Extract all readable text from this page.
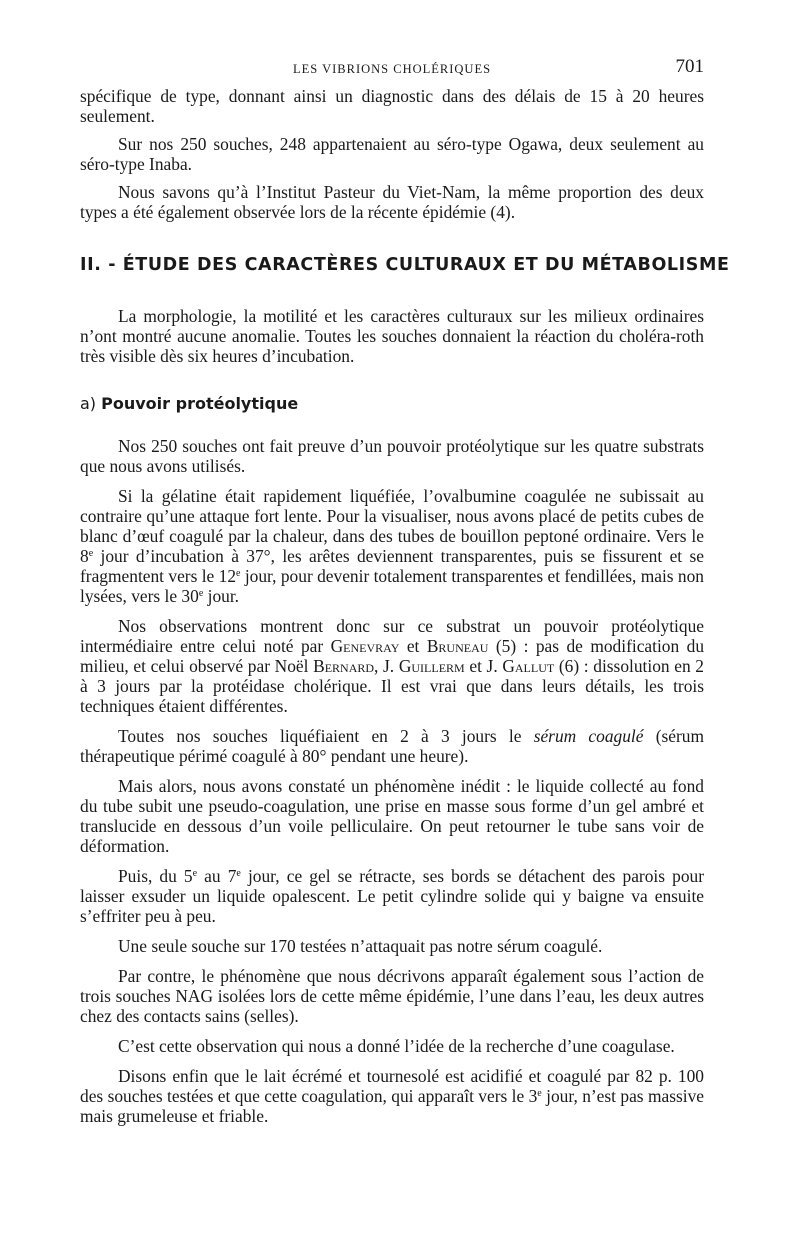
LES VIBRIONS CHOLÉRIQUES	701

spécifique de type, donnant ainsi un diagnostic dans des délais de 15 à 20 heures seulement.

Sur nos 250 souches, 248 appartenaient au séro-type Ogawa, deux seulement au séro-type Inaba.

Nous savons qu’à l’Institut Pasteur du Viet-Nam, la même proportion des deux types a été également observée lors de la récente épidémie (4).

II. - ÉTUDE DES CARACTÈRES CULTURAUX ET DU MÉTABOLISME

La morphologie, la motilité et les caractères culturaux sur les milieux ordinaires n’ont montré aucune anomalie. Toutes les souches donnaient la réaction du choléra-roth très visible dès six heures d’incubation.

a) Pouvoir protéolytique

Nos 250 souches ont fait preuve d’un pouvoir protéolytique sur les quatre substrats que nous avons utilisés.

Si la gélatine était rapidement liquéfiée, l’ovalbumine coagulée ne subissait au contraire qu’une attaque fort lente. Pour la visualiser, nous avons placé de petits cubes de blanc d’œuf coagulé par la chaleur, dans des tubes de bouillon peptoné ordinaire. Vers le 8e jour d’incubation à 37°, les arêtes deviennent transparentes, puis se fissurent et se fragmentent vers le 12e jour, pour devenir totalement transparentes et fendillées, mais non lysées, vers le 30e jour.

Nos observations montrent donc sur ce substrat un pouvoir protéolytique intermédiaire entre celui noté par Genevray et Bruneau (5) : pas de modification du milieu, et celui observé par Noël Bernard, J. Guillerm et J. Gallut (6) : dissolution en 2 à 3 jours par la protéidase cholérique. Il est vrai que dans leurs détails, les trois techniques étaient différentes.

Toutes nos souches liquéfiaient en 2 à 3 jours le sérum coagulé (sérum thérapeutique périmé coagulé à 80° pendant une heure).

Mais alors, nous avons constaté un phénomène inédit : le liquide collecté au fond du tube subit une pseudo-coagulation, une prise en masse sous forme d’un gel ambré et translucide en dessous d’un voile pelliculaire. On peut retourner le tube sans voir de déformation.

Puis, du 5e au 7e jour, ce gel se rétracte, ses bords se détachent des parois pour laisser exsuder un liquide opalescent. Le petit cylindre solide qui y baigne va ensuite s’effriter peu à peu.

Une seule souche sur 170 testées n’attaquait pas notre sérum coagulé.

Par contre, le phénomène que nous décrivons apparaît également sous l’action de trois souches NAG isolées lors de cette même épidémie, l’une dans l’eau, les deux autres chez des contacts sains (selles).

C’est cette observation qui nous a donné l’idée de la recherche d’une coagulase.

Disons enfin que le lait écrémé et tournesolé est acidifié et coagulé par 82 p. 100 des souches testées et que cette coagulation, qui apparaît vers le 3e jour, n’est pas massive mais grumeleuse et friable.
